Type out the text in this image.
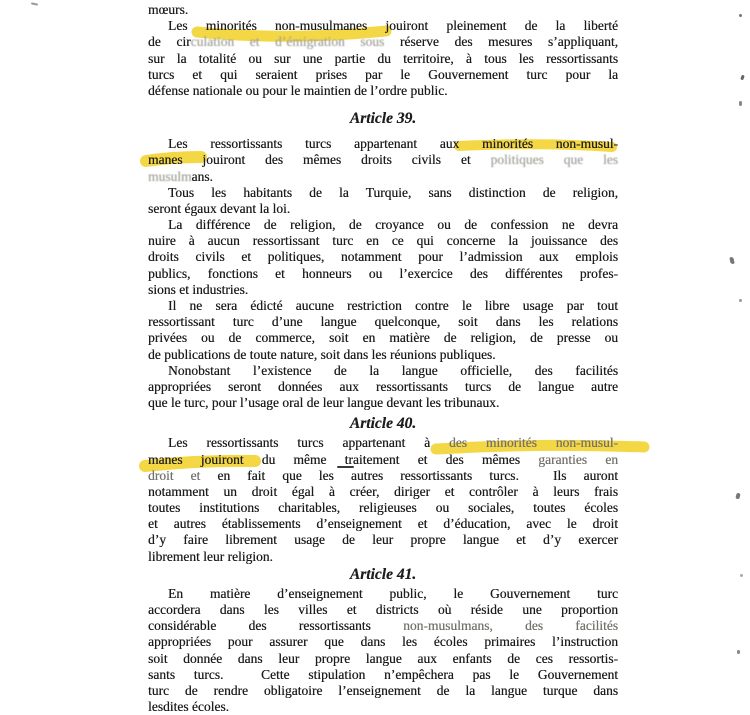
mœurs.
Les minorités non-musulmanes jouiront pleinement de la liberté
de circulation et d’émigration sous réserve des mesures s’appliquant,
sur la totalité ou sur une partie du territoire, à tous les ressortissants
turcs et qui seraient prises par le Gouvernement turc pour la
défense nationale ou pour le maintien de l’ordre public.
Article 39.
Les ressortissants turcs appartenant aux minorités non-musul-
manes jouiront des mêmes droits civils et politiques que les
musulmans.
Tous les habitants de la Turquie, sans distinction de religion,
seront égaux devant la loi.
La différence de religion, de croyance ou de confession ne devra
nuire à aucun ressortissant turc en ce qui concerne la jouissance des
droits civils et politiques, notamment pour l’admission aux emplois
publics, fonctions et honneurs ou l’exercice des différentes profes-
sions et industries.
Il ne sera édicté aucune restriction contre le libre usage par tout
ressortissant turc d’une langue quelconque, soit dans les relations
privées ou de commerce, soit en matière de religion, de presse ou
de publications de toute nature, soit dans les réunions publiques.
Nonobstant l’existence de la langue officielle, des facilités
appropriées seront données aux ressortissants turcs de langue autre
que le turc, pour l’usage oral de leur langue devant les tribunaux.
Article 40.
Les ressortissants turcs appartenant à des minorités non-musul-
manes jouiront du même traitement et des mêmes garanties en
droit et en fait que les autres ressortissants turcs.  Ils auront
notamment un droit égal à créer, diriger et contrôler à leurs frais
toutes institutions charitables, religieuses ou sociales, toutes écoles
et autres établissements d’enseignement et d’éducation, avec le droit
d’y faire librement usage de leur propre langue et d’y exercer
librement leur religion.
Article 41.
En matière d’enseignement public, le Gouvernement turc
accordera dans les villes et districts où réside une proportion
considérable des ressortissants non-musulmans, des facilités
appropriées pour assurer que dans les écoles primaires l’instruction
soit donnée dans leur propre langue aux enfants de ces ressortis-
sants turcs.  Cette stipulation n’empêchera pas le Gouvernement
turc de rendre obligatoire l’enseignement de la langue turque dans
lesdites écoles.
